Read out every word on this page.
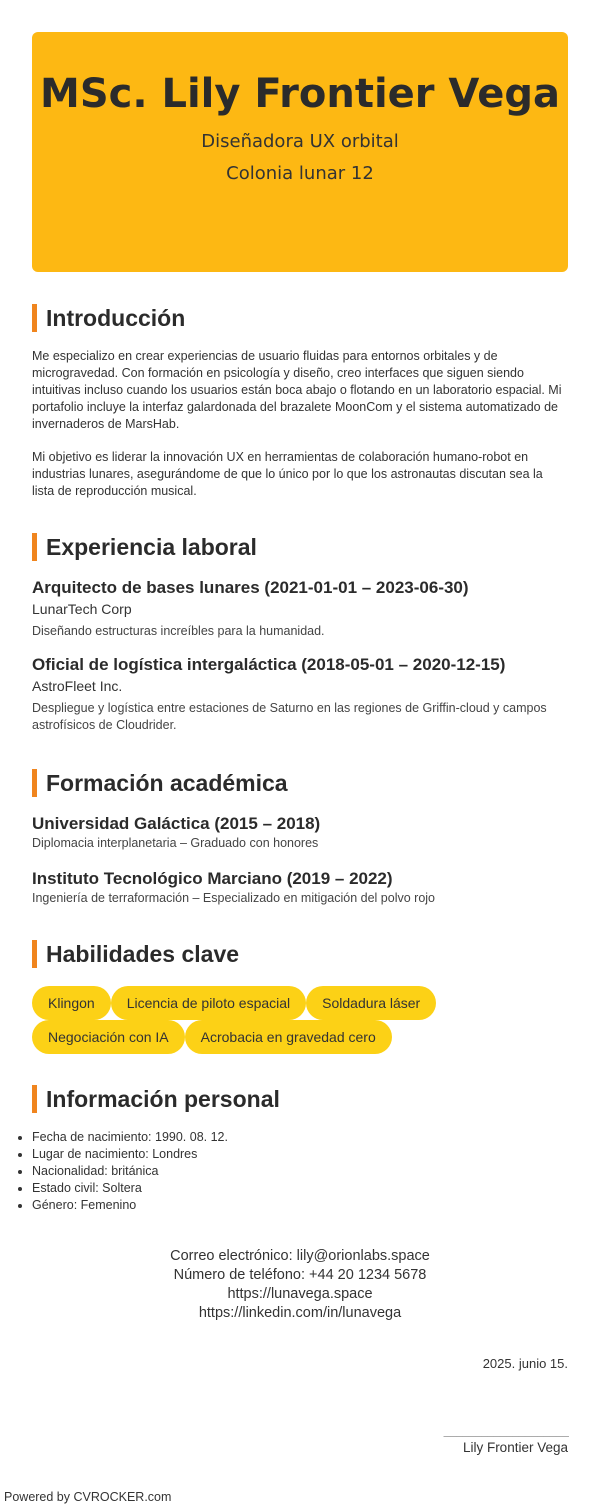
MSc. Lily Frontier Vega
Diseñadora UX orbital
Colonia lunar 12
Introducción

Me especializo en crear experiencias de usuario fluidas para entornos orbitales y de microgravedad. Con formación en psicología y diseño, creo interfaces que siguen siendo intuitivas incluso cuando los usuarios están boca abajo o flotando en un laboratorio espacial. Mi portafolio incluye la interfaz galardonada del brazalete MoonCom y el sistema automatizado de invernaderos de MarsHab.

Mi objetivo es liderar la innovación UX en herramientas de colaboración humano-robot en industrias lunares, asegurándome de que lo único por lo que los astronautas discutan sea la lista de reproducción musical.

Experiencia laboral

Arquitecto de bases lunares (2021-01-01 – 2023-06-30)

LunarTech Corp

Diseñando estructuras increíbles para la humanidad.

Oficial de logística intergaláctica (2018-05-01 – 2020-12-15)

AstroFleet Inc.

Despliegue y logística entre estaciones de Saturno en las regiones de Griffin-cloud y campos astrofísicos de Cloudrider.

Formación académica

Universidad Galáctica (2015 – 2018)

Diplomacia interplanetaria – Graduado con honores

Instituto Tecnológico Marciano (2019 – 2022)

Ingeniería de terraformación – Especializado en mitigación del polvo rojo

Habilidades clave
Klingon Licencia de piloto espacial Soldadura láser
Negociación con IA Acrobacia en gravedad cero
Información personal
• Fecha de nacimiento: 1990. 08. 12.
• Lugar de nacimiento: Londres
• Nacionalidad: británica
• Estado civil: Soltera
• Género: Femenino
Correo electrónico: lily@orionlabs.space
Número de teléfono: +44 20 1234 5678
https://lunavega.space
https://linkedin.com/in/lunavega
2025. junio 15.
____________________
Lily Frontier Vega
Powered by CVROCKER.com
